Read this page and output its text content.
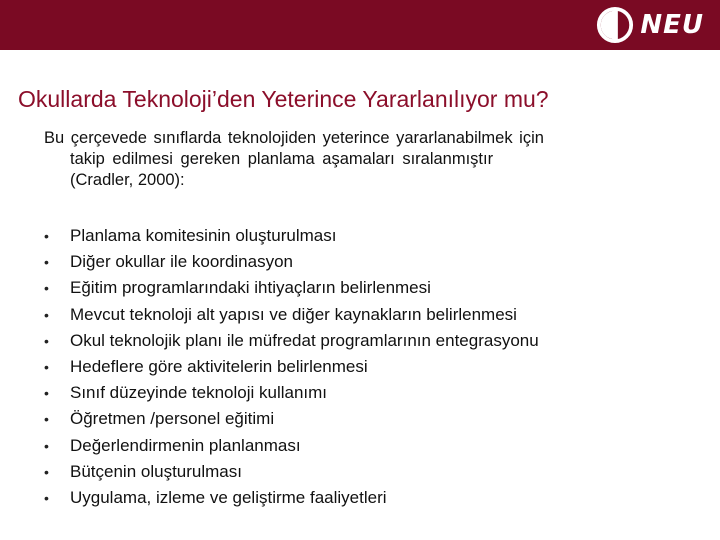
NEU
Okullarda Teknoloji’den Yeterince Yararlanılıyor mu?
Bu çerçevede sınıflarda teknolojiden yeterince yararlanabilmek için
takip edilmesi gereken planlama aşamaları sıralanmıştır
(Cradler, 2000):
•	Planlama komitesinin oluşturulması
•	Diğer okullar ile koordinasyon
•	Eğitim programlarındaki ihtiyaçların belirlenmesi
•	Mevcut teknoloji alt yapısı ve diğer kaynakların belirlenmesi
•	Okul teknolojik planı ile müfredat programlarının entegrasyonu
•	Hedeflere göre aktivitelerin belirlenmesi
•	Sınıf düzeyinde teknoloji kullanımı
•	Öğretmen /personel eğitimi
•	Değerlendirmenin planlanması
•	Bütçenin oluşturulması
•	Uygulama, izleme ve geliştirme faaliyetleri
